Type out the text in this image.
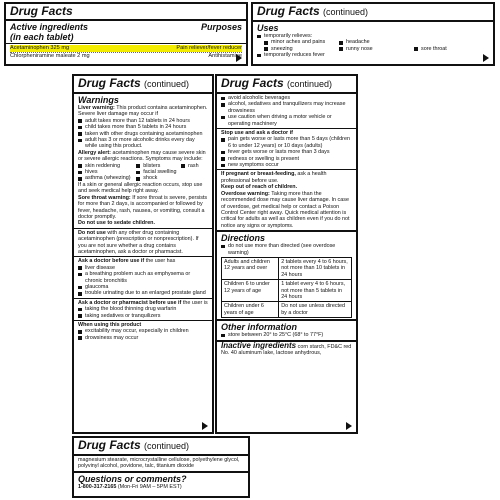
Drug Facts
Active ingredients
(in each tablet)
Purposes
Acetaminophen 325 mg	Pain reliever/fever reducer
Chlorpheniramine maleate 2 mg	Antihistamine
Drug Facts (continued)
Uses
temporarily relieves:
minor aches and pains	headache
sneezing	runny nose	sore throat
temporarily reduces fever
Drug Facts (continued)
Warnings
Liver warning: This product contains acetaminophen. Severe liver damage may occur if
adult takes more than 12 tablets in 24 hours
child takes more than 5 tablets in 24 hours
taken with other drugs containing acetaminophen
adult has 3 or more alcoholic drinks every day while using this product.
Allergy alert: acetaminophen may cause severe skin or severe allergic reactions. Symptoms may include:
skin reddening	blisters	rash
hives	facial swelling
asthma (wheezing)	shock
If a skin or general allergic reaction occurs, stop use and seek medical help right away.
Sore throat warning: If sore throat is severe, persists for more than 2 days, is accompanied or followed by fever, headache, rash, nausea, or vomiting, consult a doctor promptly.
Do not use to sedate children.
Do not use with any other drug containing acetaminophen (prescription or nonprescription). If you are not sure whether a drug contains acetaminophen, ask a doctor or pharmacist.
Ask a doctor before use if the user has
liver disease
a breathing problem such as emphysema or chronic bronchitis
glaucoma
trouble urinating due to an enlarged prostate gland
Ask a doctor or pharmacist before use if the user is
taking the blood thinning drug warfarin
taking sedatives or tranquilizers
When using this product
excitability may occur, especially in children
drowsiness may occur
Drug Facts (continued)
avoid alcoholic beverages
alcohol, sedatives and tranquilizers may increase drowsiness
use caution when driving a motor vehicle or operating machinery
Stop use and ask a doctor if
pain gets worse or lasts more than 5 days (children 6 to under 12 years) or 10 days (adults)
fever gets worse or lasts more than 3 days
redness or swelling is present
new symptoms occur
If pregnant or breast-feeding, ask a health professional before use.
Keep out of reach of children.
Overdose warning: Taking more than the recommended dose may cause liver damage. In case of overdose, get medical help or contact a Poison Control Center right away. Quick medical attention is critical for adults as well as children even if you do not notice any signs or symptoms.
Directions
do not use more than directed (see overdose warning)
Adults and children 12 years and over	2 tablets every 4 to 6 hours, not more than 10 tablets in 24 hours
Children 6 to under 12 years of age	1 tablet every 4 to 6 hours, not more than 5 tablets in 24 hours
Children under 6 years of age	Do not use unless directed by a doctor
Other information
store between 20° to 25°C (68° to 77°F)
Inactive ingredients corn starch, FD&C red No. 40 aluminum lake, lactose anhydrous,
Drug Facts (continued)
magnesium stearate, microcrystalline cellulose, polyethylene glycol, polyvinyl alcohol, povidone, talc, titanium dioxide
Questions or comments?
1-800-317-2165 (Mon-Fri 9AM – 5PM EST)
